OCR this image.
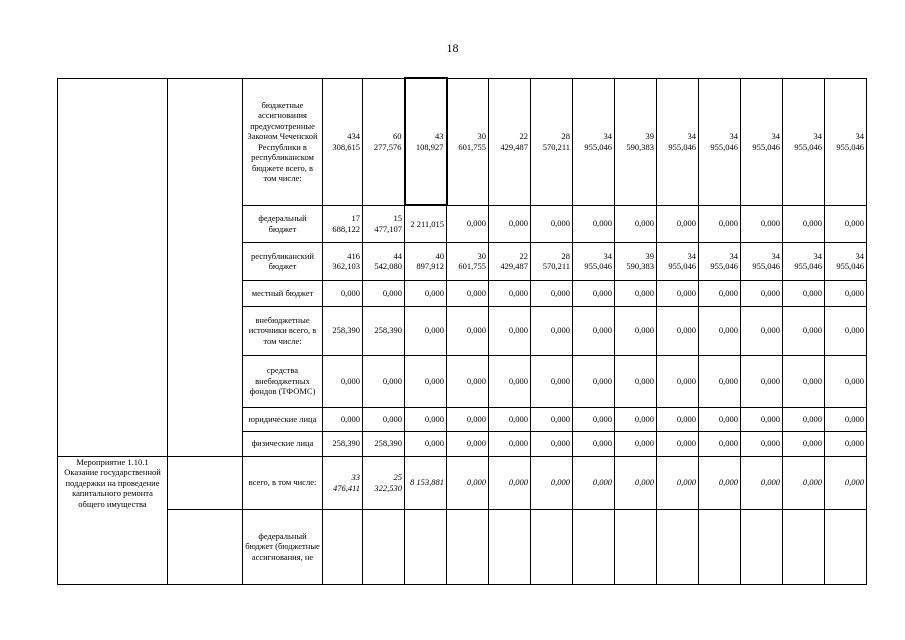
18
		бюджетные ассигнования предусмотренные Законом Чеченской Республики в республиканском бюджете всего, в том числе:	434 308,615	60 277,576	43 108,927	30 601,755	22 429,487	28 570,211	34 955,046	39 590,383	34 955,046	34 955,046	34 955,046	34 955,046	34 955,046
		федеральный бюджет	17 688,122	15 477,107	2 211,015	0,000	0,000	0,000	0,000	0,000	0,000	0,000	0,000	0,000	0,000
		республиканский бюджет	416 362,103	44 542,080	40 897,912	30 601,755	22 429,487	28 570,211	34 955,046	39 590,383	34 955,046	34 955,046	34 955,046	34 955,046	34 955,046
		местный бюджет	0,000	0,000	0,000	0,000	0,000	0,000	0,000	0,000	0,000	0,000	0,000	0,000	0,000
		внебюджетные источники всего, в том числе:	258,390	258,390	0,000	0,000	0,000	0,000	0,000	0,000	0,000	0,000	0,000	0,000	0,000
		средства внебюджетных фондов (ТФОМС)	0,000	0,000	0,000	0,000	0,000	0,000	0,000	0,000	0,000	0,000	0,000	0,000	0,000
		юридические лица	0,000	0,000	0,000	0,000	0,000	0,000	0,000	0,000	0,000	0,000	0,000	0,000	0,000
		физические лица	258,390	258,390	0,000	0,000	0,000	0,000	0,000	0,000	0,000	0,000	0,000	0,000	0,000
Мероприятие 1.10.1 Оказание государственной поддержки на проведение капитального ремонта общего имущества		всего, в том числе:	33 476,411	25 322,530	8 153,881	0,000	0,000	0,000	0,000	0,000	0,000	0,000	0,000	0,000	0,000
		федеральный бюджет (бюджетные ассигнования, не													
